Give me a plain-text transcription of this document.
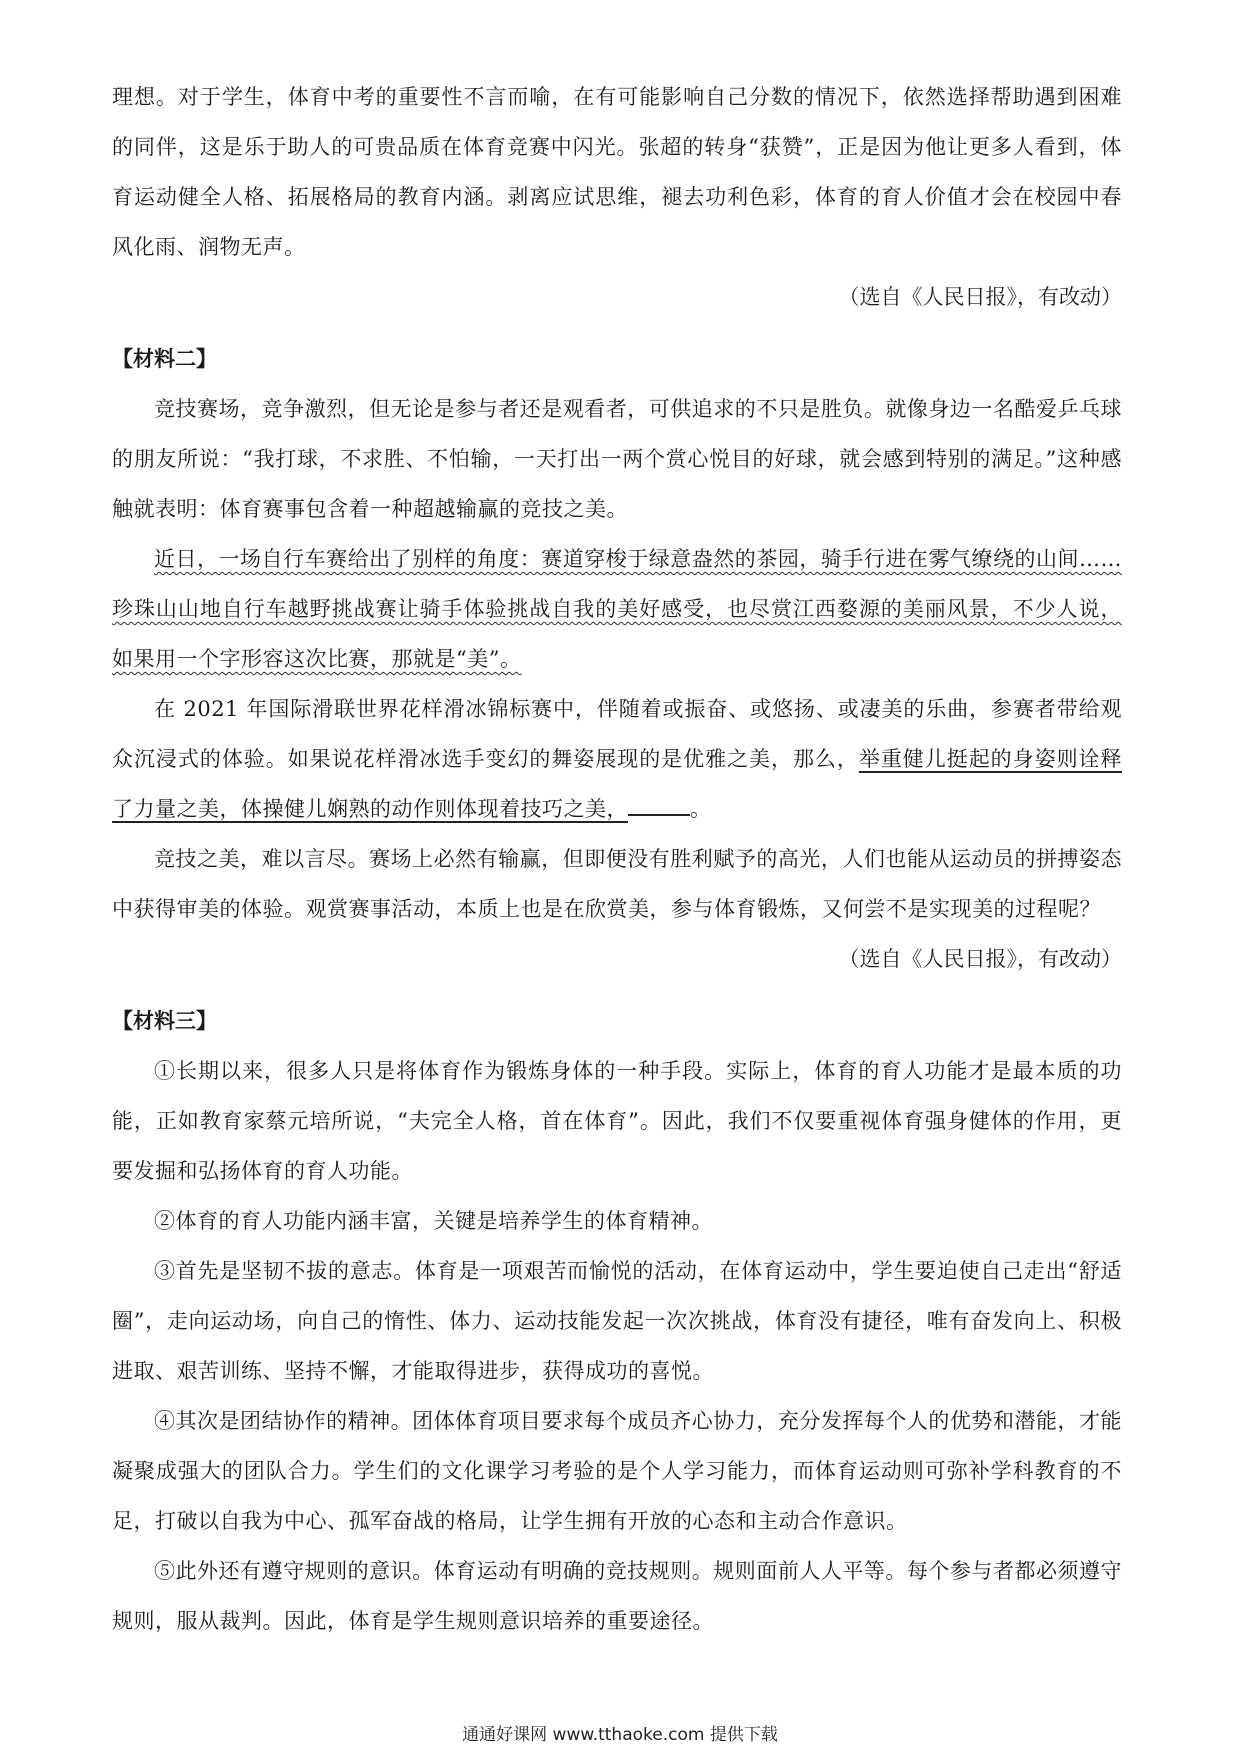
理想。对于学生，体育中考的重要性不言而喻，在有可能影响自己分数的情况下，依然选择帮助遇到困难的同伴，这是乐于助人的可贵品质在体育竞赛中闪光。张超的转身“获赞”，正是因为他让更多人看到，体育运动健全人格、拓展格局的教育内涵。剥离应试思维，褪去功利色彩，体育的育人价值才会在校园中春风化雨、润物无声。

（选自《人民日报》，有改动）

【材料二】

竞技赛场，竞争激烈，但无论是参与者还是观看者，可供追求的不只是胜负。就像身边一名酷爱乒乓球的朋友所说：“我打球，不求胜、不怕输，一天打出一两个赏心悦目的好球，就会感到特别的满足。”这种感触就表明：体育赛事包含着一种超越输赢的竞技之美。

近日，一场自行车赛给出了别样的角度：赛道穿梭于绿意盎然的茶园，骑手行进在雾气缭绕的山间……珍珠山山地自行车越野挑战赛让骑手体验挑战自我的美好感受，也尽赏江西婺源的美丽风景，不少人说，如果用一个字形容这次比赛，那就是“美”。

在 2021 年国际滑联世界花样滑冰锦标赛中，伴随着或振奋、或悠扬、或凄美的乐曲，参赛者带给观众沉浸式的体验。如果说花样滑冰选手变幻的舞姿展现的是优雅之美，那么，举重健儿挺起的身姿则诠释了力量之美，体操健儿娴熟的动作则体现着技巧之美，	。

竞技之美，难以言尽。赛场上必然有输赢，但即便没有胜利赋予的高光，人们也能从运动员的拼搏姿态中获得审美的体验。观赏赛事活动，本质上也是在欣赏美，参与体育锻炼，又何尝不是实现美的过程呢？

（选自《人民日报》，有改动）

【材料三】

①长期以来，很多人只是将体育作为锻炼身体的一种手段。实际上，体育的育人功能才是最本质的功能，正如教育家蔡元培所说，“夫完全人格，首在体育”。因此，我们不仅要重视体育强身健体的作用，更要发掘和弘扬体育的育人功能。

②体育的育人功能内涵丰富，关键是培养学生的体育精神。

③首先是坚韧不拔的意志。体育是一项艰苦而愉悦的活动，在体育运动中，学生要迫使自己走出“舒适圈”，走向运动场，向自己的惰性、体力、运动技能发起一次次挑战，体育没有捷径，唯有奋发向上、积极进取、艰苦训练、坚持不懈，才能取得进步，获得成功的喜悦。

④其次是团结协作的精神。团体体育项目要求每个成员齐心协力，充分发挥每个人的优势和潜能，才能凝聚成强大的团队合力。学生们的文化课学习考验的是个人学习能力，而体育运动则可弥补学科教育的不足，打破以自我为中心、孤军奋战的格局，让学生拥有开放的心态和主动合作意识。

⑤此外还有遵守规则的意识。体育运动有明确的竞技规则。规则面前人人平等。每个参与者都必须遵守规则，服从裁判。因此，体育是学生规则意识培养的重要途径。

通通好课网 www.tthaoke.com 提供下载
